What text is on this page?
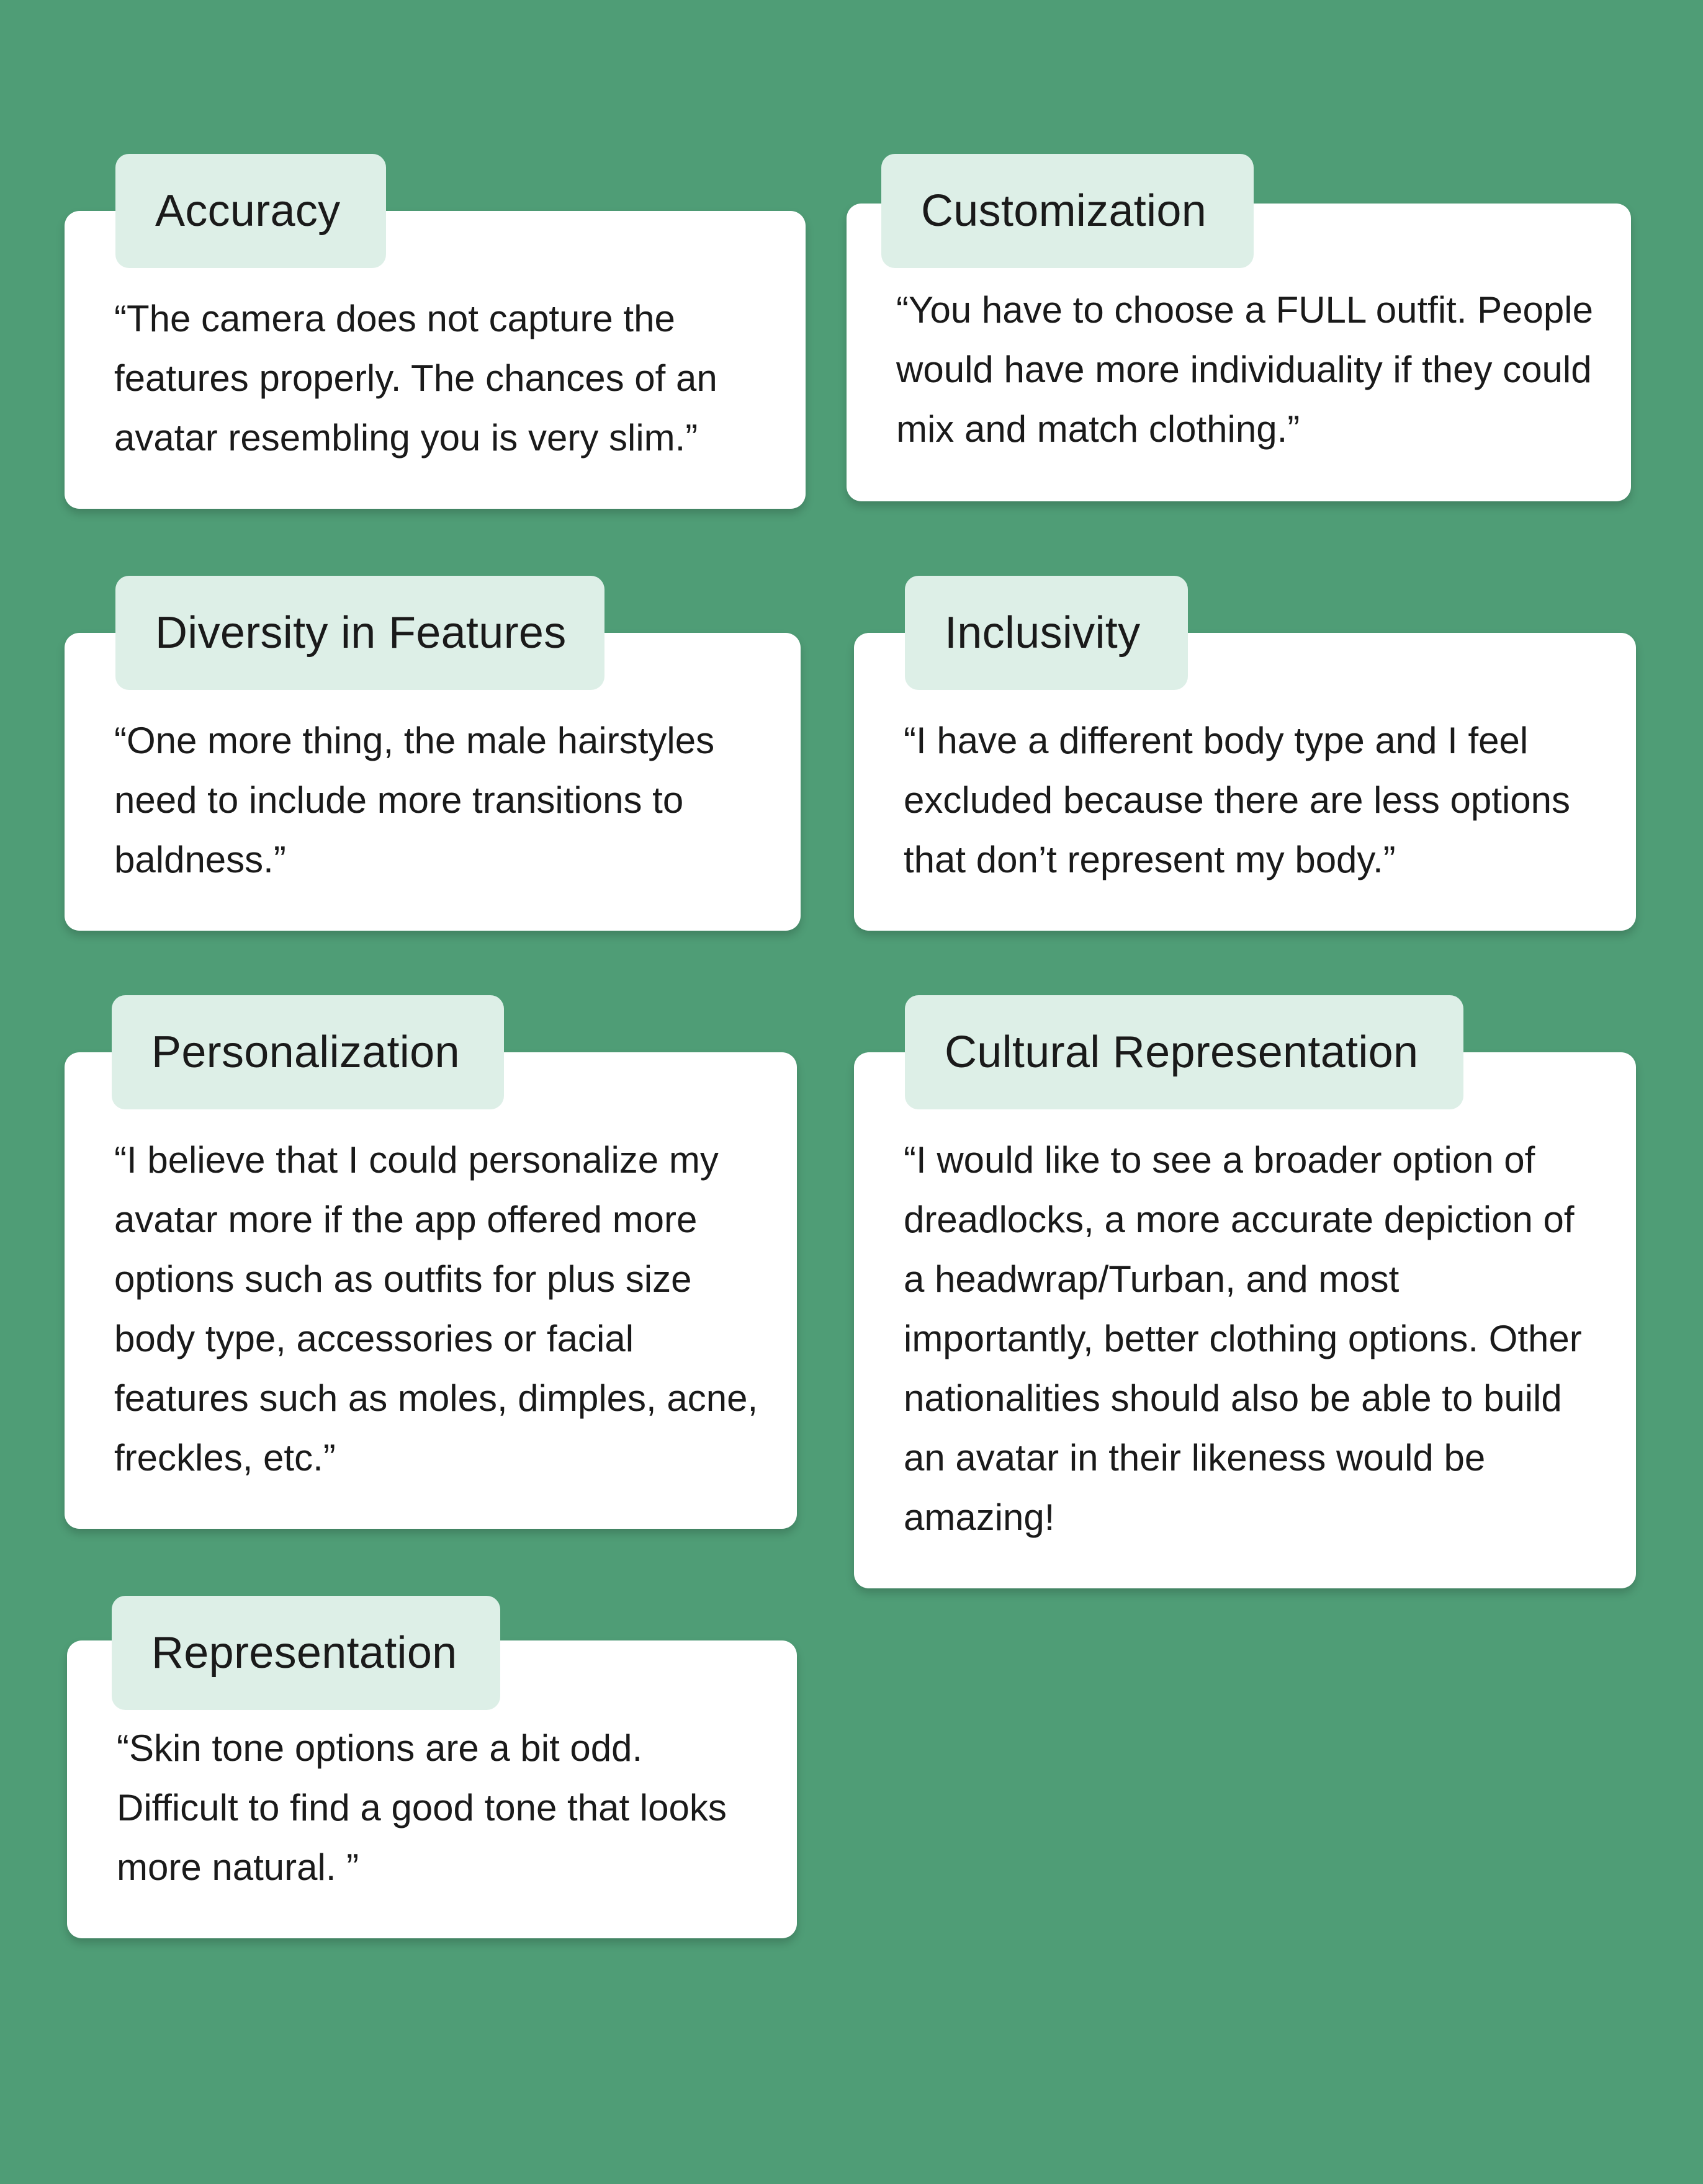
Accuracy

“The camera does not capture the features properly. The chances of an avatar resembling you is very slim.”

Customization

“You have to choose a FULL outfit. People would have more individuality if they could mix and match clothing.”

Diversity in Features

“One more thing, the male hairstyles need to include more transitions to baldness.”

Inclusivity

“I have a different body type and I feel excluded because there are less options that don’t represent my body.”

Personalization

“I believe that I could personalize my avatar more if the app offered more options such as outfits for plus size body type, accessories or facial features such as moles, dimples, acne, freckles, etc.”

Cultural Representation

“I would like to see a broader option of dreadlocks, a more accurate depiction of a headwrap/Turban, and most importantly, better clothing options. Other nationalities should also be able to build an avatar in their likeness would be amazing!

Representation

“Skin tone options are a bit odd. Difficult to find a good tone that looks more natural. ”
